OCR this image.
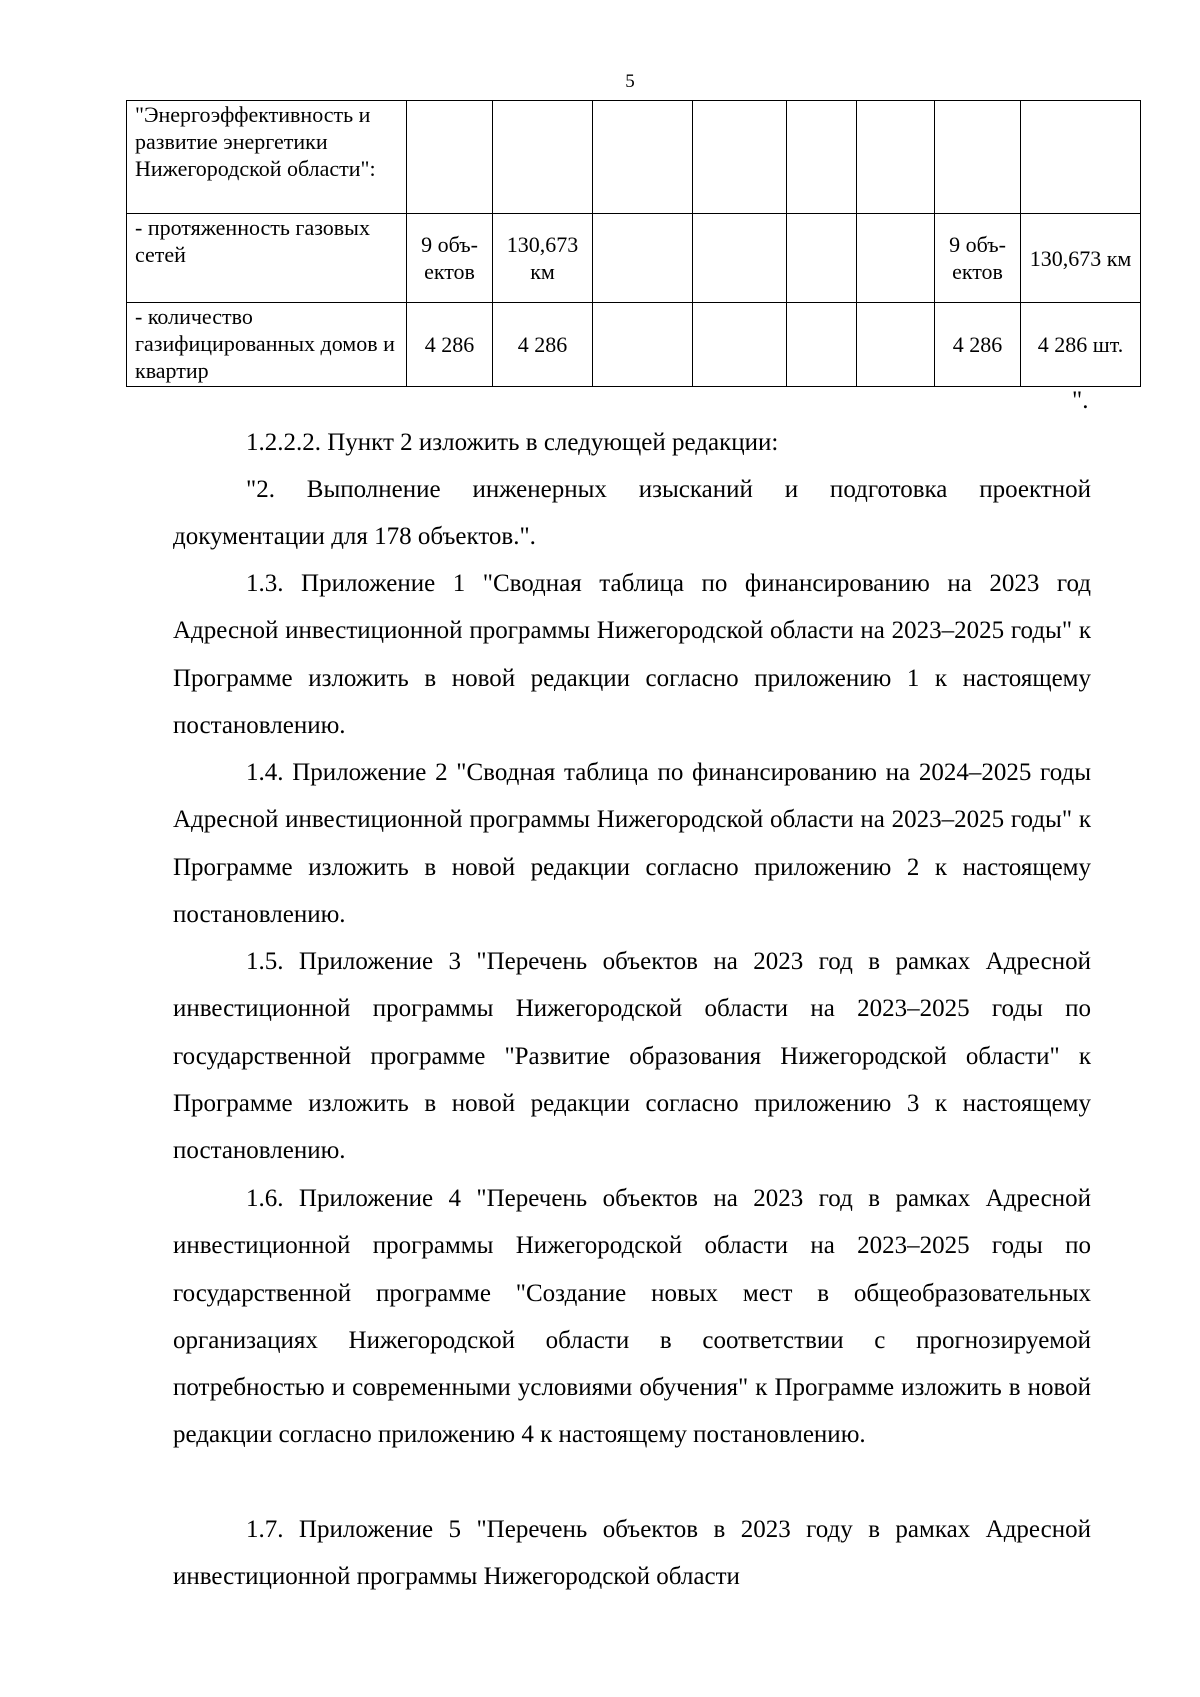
5
"Энергоэффективность и развитие энергетики Нижегородской области":								
- протяженность газовых сетей	9 объ-ектов	130,673 км					9 объ-ектов	130,673 км
- количество газифицированных домов и квартир	4 286	4 286					4 286	4 286 шт.
".

1.2.2.2. Пункт 2 изложить в следующей редакции:

"2. Выполнение инженерных изысканий и подготовка проектной документации для 178 объектов.".

1.3. Приложение 1 "Сводная таблица по финансированию на 2023 год Адресной инвестиционной программы Нижегородской области на 2023–2025 годы" к Программе изложить в новой редакции согласно приложению 1 к настоящему постановлению.

1.4. Приложение 2 "Сводная таблица по финансированию на 2024–2025 годы Адресной инвестиционной программы Нижегородской области на 2023–2025 годы" к Программе изложить в новой редакции согласно приложению 2 к настоящему постановлению.

1.5. Приложение 3 "Перечень объектов на 2023 год в рамках Адресной инвестиционной программы Нижегородской области на 2023–2025 годы по государственной программе "Развитие образования Нижегородской области" к Программе изложить в новой редакции согласно приложению 3 к настоящему постановлению.

1.6. Приложение 4 "Перечень объектов на 2023 год в рамках Адресной инвестиционной программы Нижегородской области на 2023–2025 годы по государственной программе "Создание новых мест в общеобразовательных организациях Нижегородской области в соответствии с прогнозируемой потребностью и современными условиями обучения" к Программе изложить в новой редакции согласно приложению 4 к настоящему постановлению.

1.7. Приложение 5 "Перечень объектов в 2023 году в рамках Адресной инвестиционной программы Нижегородской области
